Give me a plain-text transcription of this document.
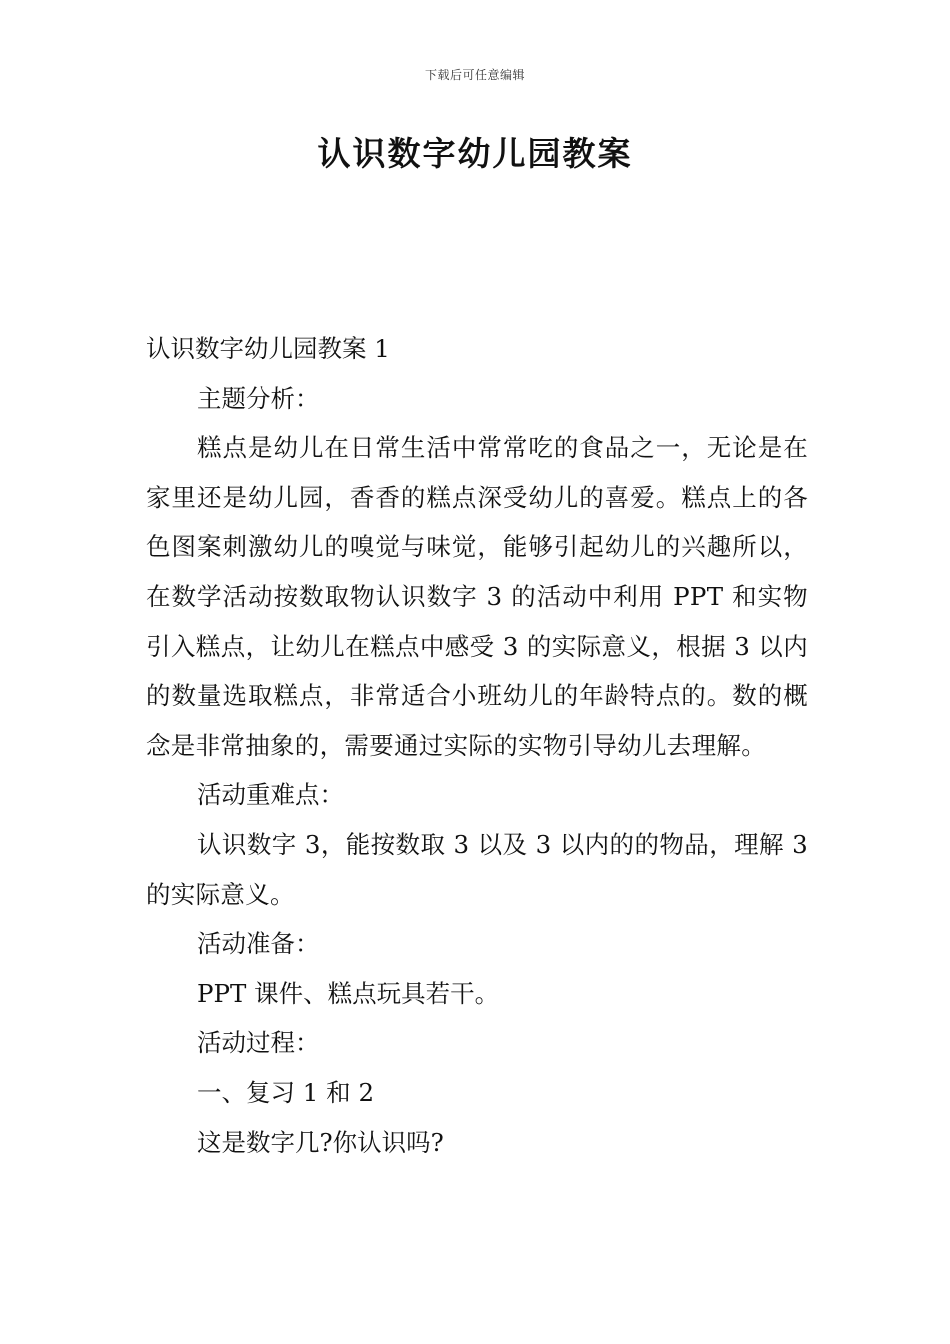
下载后可任意编辑
认识数字幼儿园教案

认识数字幼儿园教案 1

主题分析：

糕点是幼儿在日常生活中常常吃的食品之一，无论是在家里还是幼儿园，香香的糕点深受幼儿的喜爱。糕点上的各色图案刺激幼儿的嗅觉与味觉，能够引起幼儿的兴趣所以，在数学活动按数取物认识数字 3 的活动中利用 PPT 和实物引入糕点，让幼儿在糕点中感受 3 的实际意义，根据 3 以内的数量选取糕点，非常适合小班幼儿的年龄特点的。数的概念是非常抽象的，需要通过实际的实物引导幼儿去理解。

活动重难点：

认识数字 3，能按数取 3 以及 3 以内的的物品，理解 3 的实际意义。

活动准备：

PPT 课件、糕点玩具若干。

活动过程：

一、复习 1 和 2

这是数字几?你认识吗?
